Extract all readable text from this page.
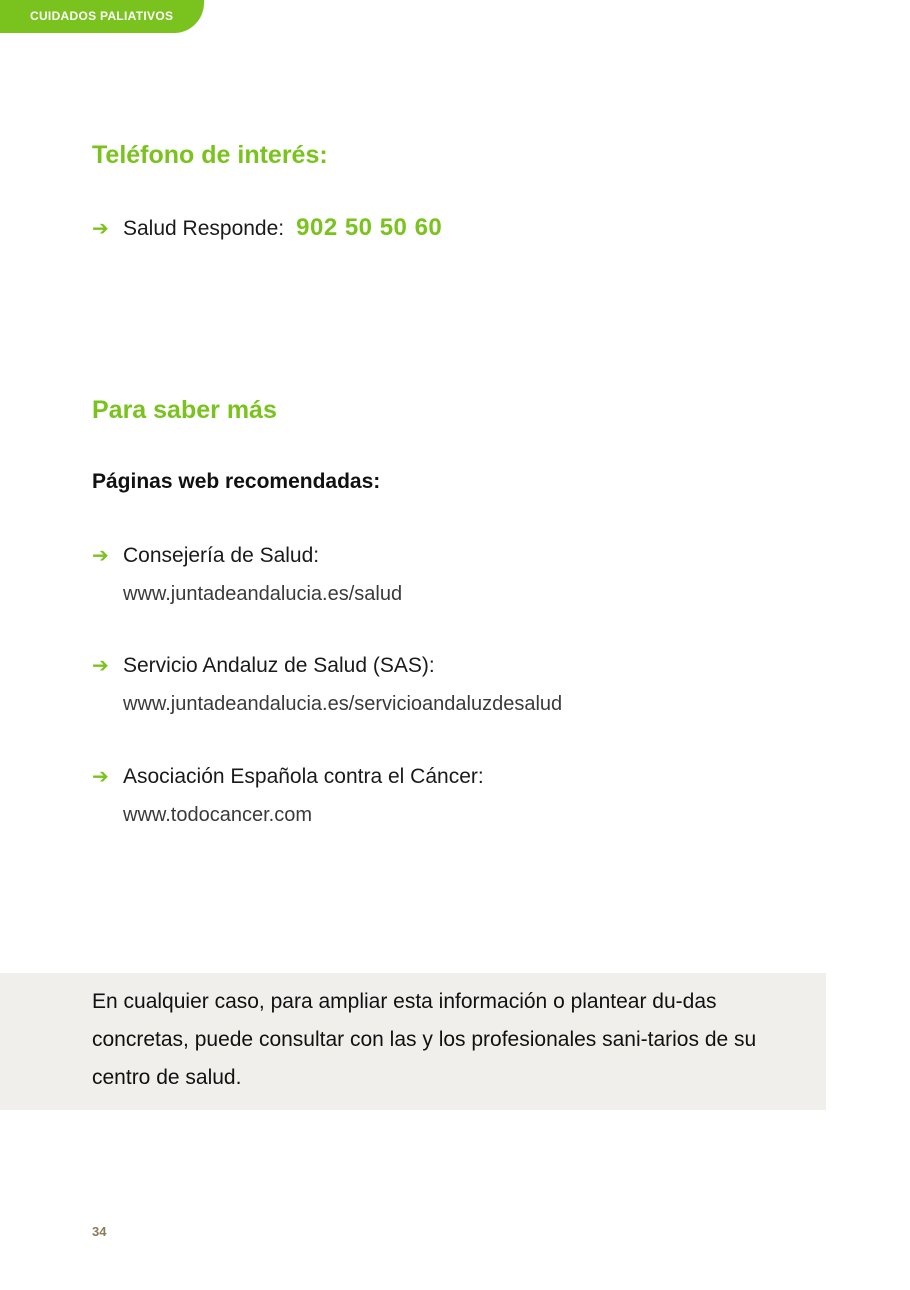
CUIDADOS PALIATIVOS
Teléfono de interés:
➔ Salud Responde: 902 50 50 60
Para saber más
Páginas web recomendadas:
➔ Consejería de Salud:
www.juntadeandalucia.es/salud
➔ Servicio Andaluz de Salud (SAS):
www.juntadeandalucia.es/servicioandaluzdesalud
➔ Asociación Española contra el Cáncer:
www.todocancer.com
En cualquier caso, para ampliar esta información o plantear du-das concretas, puede consultar con las y los profesionales sani-tarios de su centro de salud.
34
